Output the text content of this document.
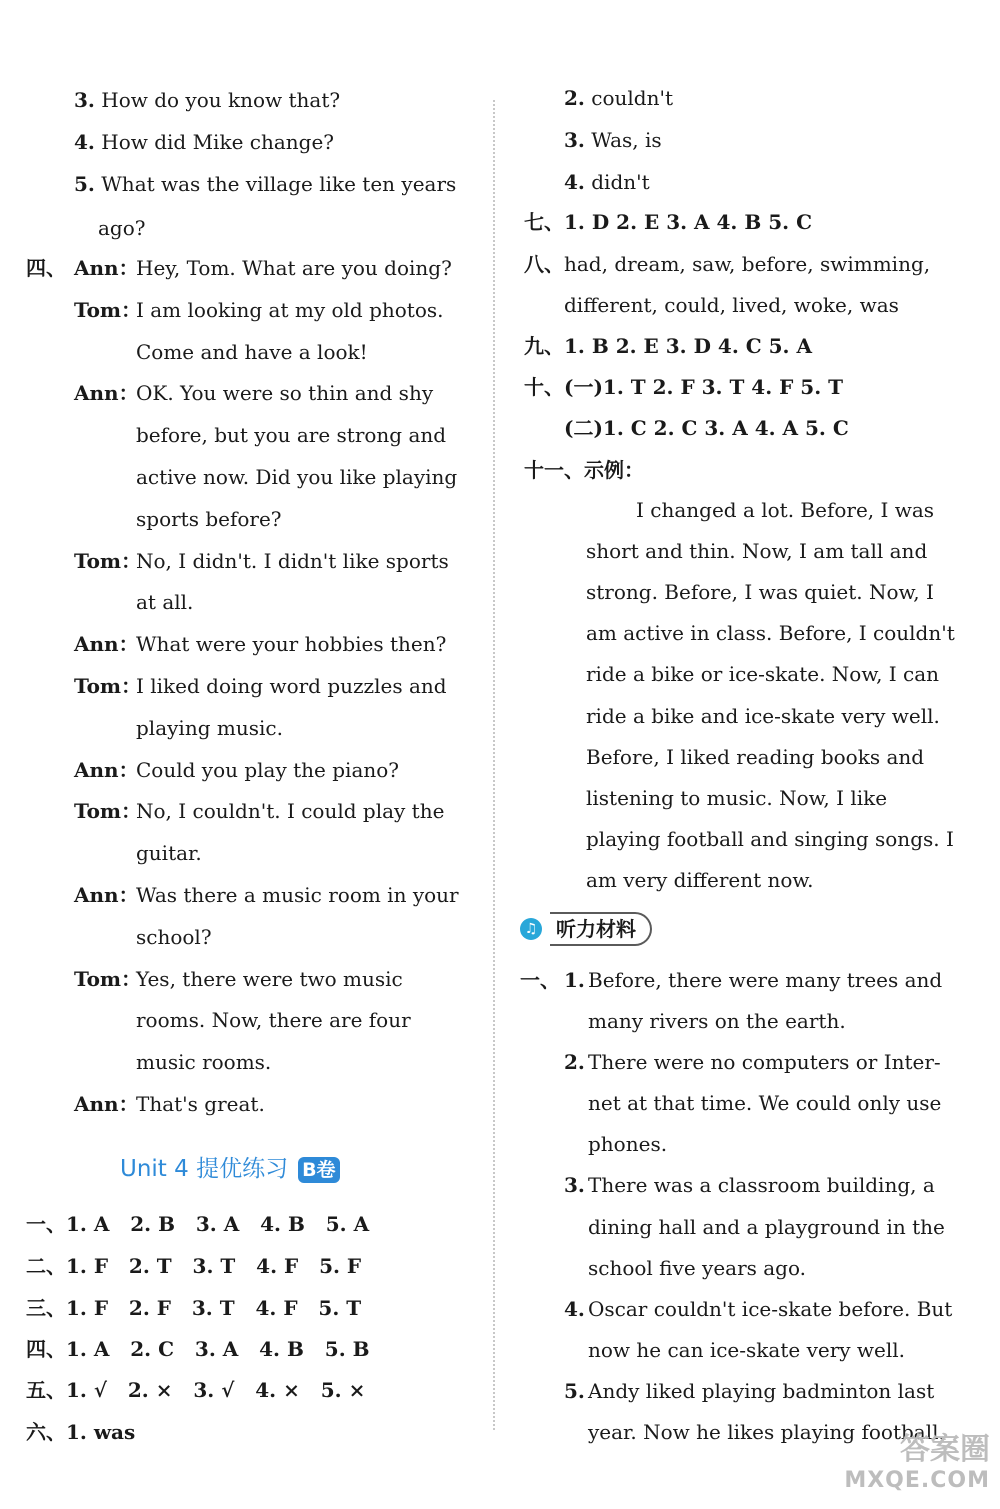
3. How do you know that?
4. How did Mike change?
5. What was the village like ten years
ago?
四、 Ann：
Hey, Tom. What are you doing?
Tom：
I am looking at my old photos.
Come and have a look!
Ann：
OK. You were so thin and shy
before, but you are strong and
active now. Did you like playing
sports before?
Tom：
No, I didn't. I didn't like sports
at all.
Ann：
What were your hobbies then?
Tom：
I liked doing word puzzles and
playing music.
Ann：
Could you play the piano?
Tom：
No, I couldn't. I could play the
guitar.
Ann：
Was there a music room in your
school?
Tom：
Yes, there were two music
rooms. Now, there are four
music rooms.
Ann：
That's great.
Unit 4 提优练习 B卷
一、1. A   2. B   3. A   4. B   5. A
二、1. F   2. T   3. T   4. F   5. F
三、1. F   2. F   3. T   4. F   5. T
四、1. A   2. C   3. A   4. B   5. B
五、1. √   2. ×   3. √   4. ×   5. ×
六、1. was
2. couldn't
3. Was, is
4. didn't
七、1. D 2. E 3. A 4. B 5. C
八、had, dream, saw, before, swimming,
different, could, lived, woke, was
九、1. B 2. E 3. D 4. C 5. A
十、(一)1. T 2. F 3. T 4. F 5. T
(二)1. C 2. C 3. A 4. A 5. C
十一、示例：
I changed a lot. Before, I was
short and thin. Now, I am tall and
strong. Before, I was quiet. Now, I
am active in class. Before, I couldn't
ride a bike or ice-skate. Now, I can
ride a bike and ice-skate very well.
Before, I liked reading books and
listening to music. Now, I like
playing football and singing songs. I
am very different now.
♫ 听力材料
一、 1. Before, there were many trees and
many rivers on the earth.
2. There were no computers or Inter-
net at that time. We could only use
phones.
3. There was a classroom building, a
dining hall and a playground in the
school five years ago.
4. Oscar couldn't ice-skate before. But
now he can ice-skate very well.
5. Andy liked playing badminton last
year. Now he likes playing football.
答案圈
MXQE.COM
